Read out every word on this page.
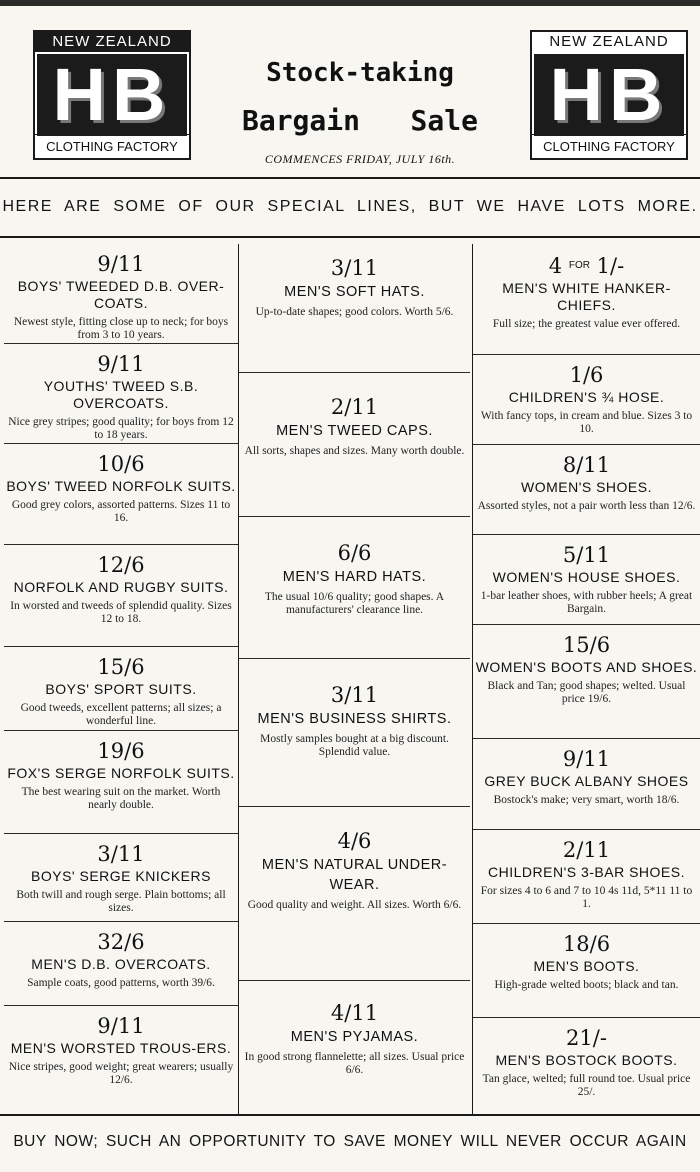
NEW ZEALAND
HB
CLOTHING FACTORY
Stock-taking
Bargain   Sale
COMMENCES FRIDAY, JULY 16th.
NEW ZEALAND
HB
CLOTHING FACTORY
HERE ARE SOME OF OUR SPECIAL LINES, BUT WE HAVE LOTS MORE.
9/11
BOYS' TWEEDED D.B. OVER-COATS.
Newest style, fitting close up to neck; for boys from 3 to 10 years.
9/11
YOUTHS' TWEED S.B. OVERCOATS.
Nice grey stripes; good quality; for boys from 12 to 18 years.
10/6
BOYS' TWEED NORFOLK SUITS.
Good grey colors, assorted patterns. Sizes 11 to 16.
12/6
NORFOLK AND RUGBY SUITS.
In worsted and tweeds of splendid quality. Sizes 12 to 18.
15/6
BOYS' SPORT SUITS.
Good tweeds, excellent patterns; all sizes; a wonderful line.
19/6
FOX'S SERGE NORFOLK SUITS.
The best wearing suit on the market. Worth nearly double.
3/11
BOYS' SERGE KNICKERS
Both twill and rough serge. Plain bottoms; all sizes.
32/6
MEN'S D.B. OVERCOATS.
Sample coats, good patterns, worth 39/6.
9/11
MEN'S WORSTED TROUS-ERS.
Nice stripes, good weight; great wearers; usually 12/6.
3/11
MEN'S SOFT HATS.
Up-to-date shapes; good colors. Worth 5/6.
2/11
MEN'S TWEED CAPS.
All sorts, shapes and sizes. Many worth double.
6/6
MEN'S HARD HATS.
The usual 10/6 quality; good shapes. A manufacturers' clearance line.
3/11
MEN'S BUSINESS SHIRTS.
Mostly samples bought at a big discount. Splendid value.
4/6
MEN'S NATURAL UNDER-WEAR.
Good quality and weight. All sizes. Worth 6/6.
4/11
MEN'S PYJAMAS.
In good strong flannelette; all sizes. Usual price 6/6.
4 $^{FOR}$ 1/-
MEN'S WHITE HANKER-CHIEFS.
Full size; the greatest value ever offered.
1/6
CHILDREN'S ¾ HOSE.
With fancy tops, in cream and blue. Sizes 3 to 10.
8/11
WOMEN'S SHOES.
Assorted styles, not a pair worth less than 12/6.
5/11
WOMEN'S HOUSE SHOES.
1-bar leather shoes, with rubber heels; A great Bargain.
15/6
WOMEN'S BOOTS AND SHOES.
Black and Tan; good shapes; welted. Usual price 19/6.
9/11
GREY BUCK ALBANY SHOES
Bostock's make; very smart, worth 18/6.
2/11
CHILDREN'S 3-BAR SHOES.
For sizes 4 to 6 and 7 to 10 4s 11d, 5*11 11 to 1.
18/6
MEN'S BOOTS.
High-grade welted boots; black and tan.
21/-
MEN'S BOSTOCK BOOTS.
Tan glace, welted; full round toe. Usual price 25/.
BUY NOW; SUCH AN OPPORTUNITY TO SAVE MONEY WILL NEVER OCCUR AGAIN
